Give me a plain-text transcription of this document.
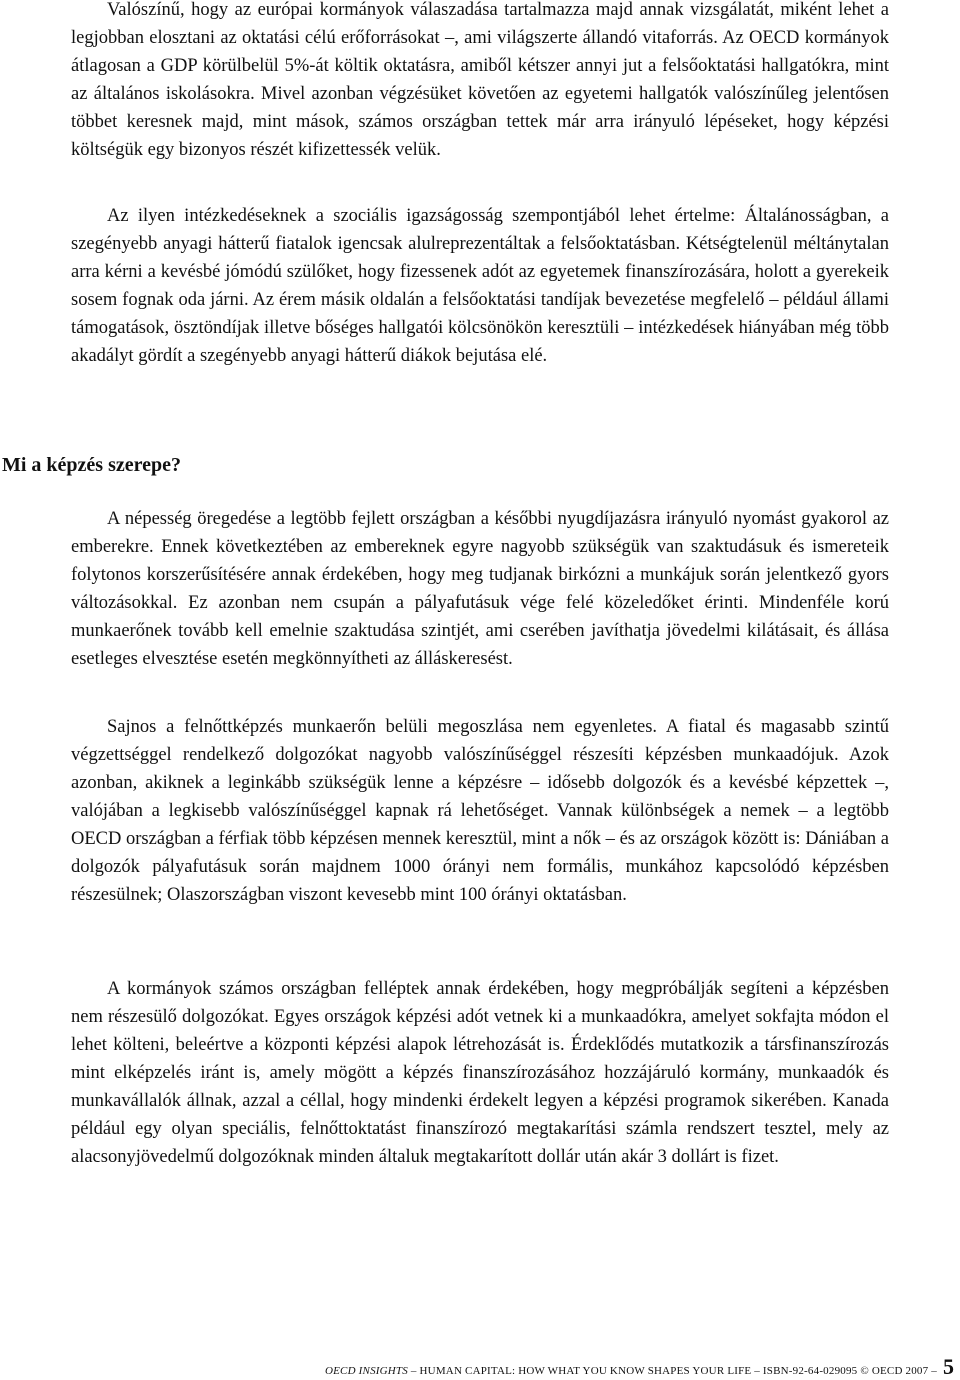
Valószínű, hogy az európai kormányok válaszadása tartalmazza majd annak vizsgálatát, miként lehet a legjobban elosztani az oktatási célú erőforrásokat –, ami világszerte állandó vitaforrás. Az OECD kormányok átlagosan a GDP körülbelül 5%-át költik oktatásra, amiből kétszer annyi jut a felsőoktatási hallgatókra, mint az általános iskolásokra. Mivel azonban végzésüket követően az egyetemi hallgatók valószínűleg jelentősen többet keresnek majd, mint mások, számos országban tettek már arra irányuló lépéseket, hogy képzési költségük egy bizonyos részét kifizettessék velük.

Az ilyen intézkedéseknek a szociális igazságosság szempontjából lehet értelme: Általánosságban, a szegényebb anyagi hátterű fiatalok igencsak alulreprezentáltak a felsőoktatásban. Kétségtelenül méltánytalan arra kérni a kevésbé jómódú szülőket, hogy fizessenek adót az egyetemek finanszírozására, holott a gyerekeik sosem fognak oda járni. Az érem másik oldalán a felsőoktatási tandíjak bevezetése megfelelő – például állami támogatások, ösztöndíjak illetve bőséges hallgatói kölcsönökön keresztüli – intézkedések hiányában még több akadályt gördít a szegényebb anyagi hátterű diákok bejutása elé.

Mi a képzés szerepe?

A népesség öregedése a legtöbb fejlett országban a későbbi nyugdíjazásra irányuló nyomást gyakorol az emberekre. Ennek következtében az embereknek egyre nagyobb szükségük van szaktudásuk és ismereteik folytonos korszerűsítésére annak érdekében, hogy meg tudjanak birkózni a munkájuk során jelentkező gyors változásokkal. Ez azonban nem csupán a pályafutásuk vége felé közeledőket érinti. Mindenféle korú munkaerőnek tovább kell emelnie szaktudása szintjét, ami cserében javíthatja jövedelmi kilátásait, és állása esetleges elvesztése esetén megkönnyítheti az álláskeresést.

Sajnos a felnőttképzés munkaerőn belüli megoszlása nem egyenletes. A fiatal és magasabb szintű végzettséggel rendelkező dolgozókat nagyobb valószínűséggel részesíti képzésben munkaadójuk. Azok azonban, akiknek a leginkább szükségük lenne a képzésre – idősebb dolgozók és a kevésbé képzettek –, valójában a legkisebb valószínűséggel kapnak rá lehetőséget. Vannak különbségek a nemek – a legtöbb OECD országban a férfiak több képzésen mennek keresztül, mint a nők – és az országok között is: Dániában a dolgozók pályafutásuk során majdnem 1000 órányi nem formális, munkához kapcsolódó képzésben részesülnek; Olaszországban viszont kevesebb mint 100 órányi oktatásban.

A kormányok számos országban felléptek annak érdekében, hogy megpróbálják segíteni a képzésben nem részesülő dolgozókat. Egyes országok képzési adót vetnek ki a munkaadókra, amelyet sokfajta módon el lehet költeni, beleértve a központi képzési alapok létrehozását is. Érdeklődés mutatkozik a társfinanszírozás mint elképzelés iránt is, amely mögött a képzés finanszírozásához hozzájáruló kormány, munkaadók és munkavállalók állnak, azzal a céllal, hogy mindenki érdekelt legyen a képzési programok sikerében. Kanada például egy olyan speciális, felnőttoktatást finanszírozó megtakarítási számla rendszert tesztel, mely az alacsonyjövedelmű dolgozóknak minden általuk megtakarított dollár után akár 3 dollárt is fizet.

OECD INSIGHTS – HUMAN CAPITAL: HOW WHAT YOU KNOW SHAPES YOUR LIFE – ISBN-92-64-029095 © OECD 2007 – 5
